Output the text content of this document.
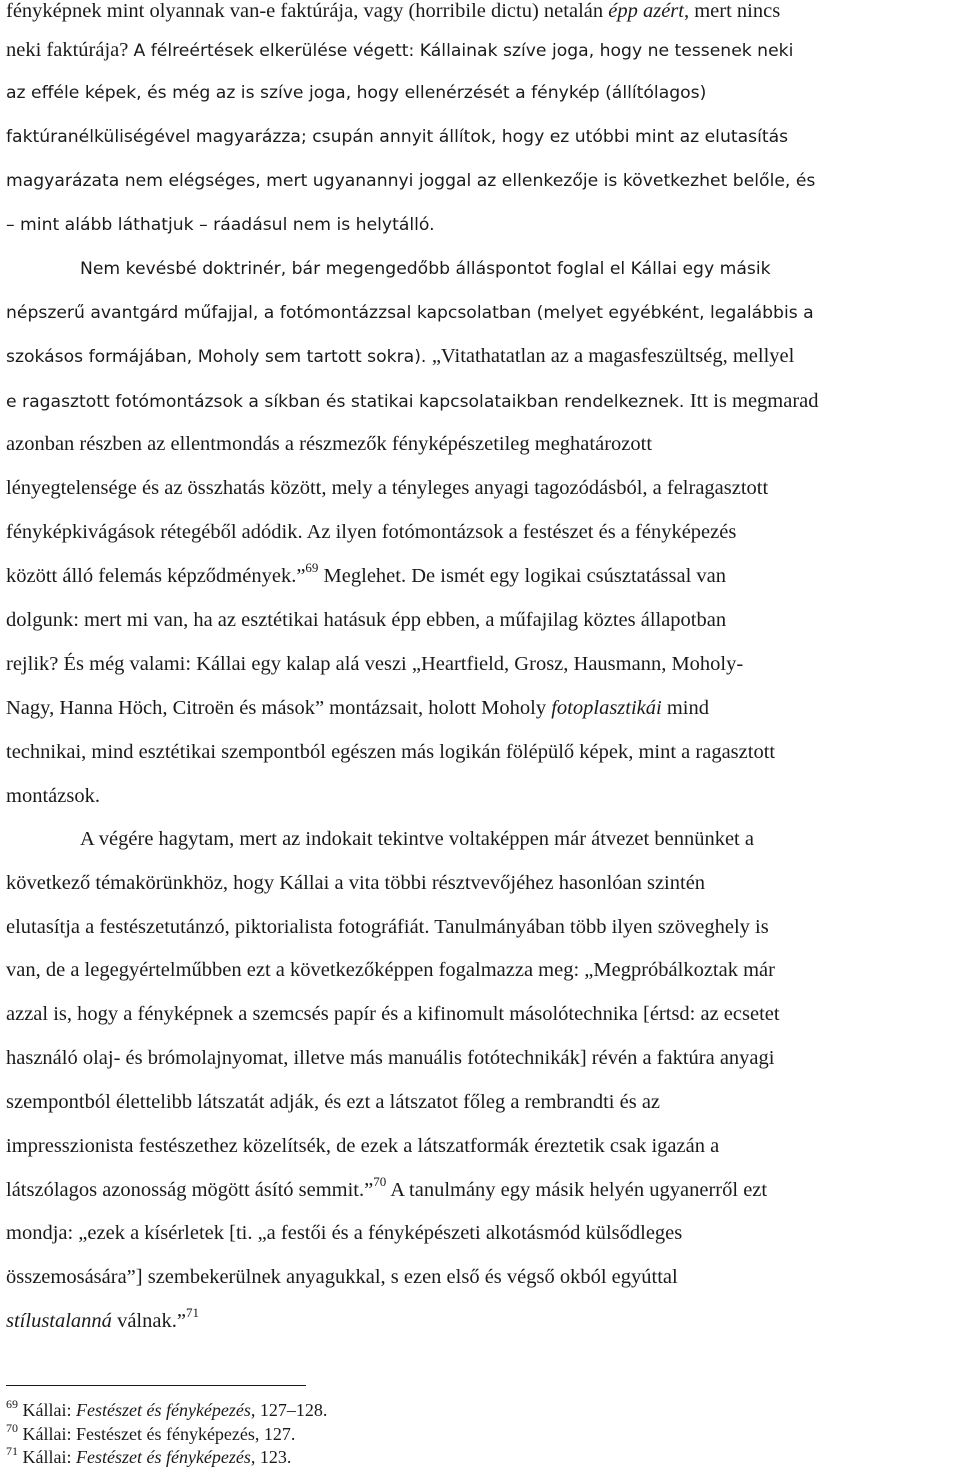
fényképnek mint olyannak van-e faktúrája, vagy (horribile dictu) netalán épp azért, mert nincs
neki faktúrája? A félreértések elkerülése végett: Kállainak szíve joga, hogy ne tessenek neki
az efféle képek, és még az is szíve joga, hogy ellenérzését a fénykép (állítólagos)
faktúranélküliségével magyarázza; csupán annyit állítok, hogy ez utóbbi mint az elutasítás
magyarázata nem elégséges, mert ugyanannyi joggal az ellenkezője is következhet belőle, és
– mint alább láthatjuk – ráadásul nem is helytálló.
Nem kevésbé doktrinér, bár megengedőbb álláspontot foglal el Kállai egy másik
népszerű avantgárd műfajjal, a fotómontázzsal kapcsolatban (melyet egyébként, legalábbis a
szokásos formájában, Moholy sem tartott sokra). „Vitathatatlan az a magasfeszültség, mellyel
e ragasztott fotómontázsok a síkban és statikai kapcsolataikban rendelkeznek. Itt is megmarad
azonban részben az ellentmondás a részmezők fényképészetileg meghatározott
lényegtelensége és az összhatás között, mely a tényleges anyagi tagozódásból, a felragasztott
fényképkivágások rétegéből adódik. Az ilyen fotómontázsok a festészet és a fényképezés
között álló felemás képződmények.”$^{69}$ Meglehet. De ismét egy logikai csúsztatással van
dolgunk: mert mi van, ha az esztétikai hatásuk épp ebben, a műfajilag köztes állapotban
rejlik? És még valami: Kállai egy kalap alá veszi „Heartfield, Grosz, Hausmann, Moholy-
Nagy, Hanna Höch, Citroën és mások” montázsait, holott Moholy fotoplasztikái mind
technikai, mind esztétikai szempontból egészen más logikán fölépülő képek, mint a ragasztott
montázsok.
A végére hagytam, mert az indokait tekintve voltaképpen már átvezet bennünket a
következő témakörünkhöz, hogy Kállai a vita többi résztvevőjéhez hasonlóan szintén
elutasítja a festészetutánzó, piktorialista fotográfiát. Tanulmányában több ilyen szöveghely is
van, de a legegyértelműbben ezt a következőképpen fogalmazza meg: „Megpróbálkoztak már
azzal is, hogy a fényképnek a szemcsés papír és a kifinomult másolótechnika [értsd: az ecsetet
használó olaj- és brómolajnyomat, illetve más manuális fotótechnikák] révén a faktúra anyagi
szempontból élettelibb látszatát adják, és ezt a látszatot főleg a rembrandti és az
impresszionista festészethez közelítsék, de ezek a látszatformák éreztetik csak igazán a
látszólagos azonosság mögött ásító semmit.”$^{70}$ A tanulmány egy másik helyén ugyanerről ezt
mondja: „ezek a kísérletek [ti. „a festői és a fényképészeti alkotásmód külsődleges
összemosására”] szembekerülnek anyagukkal, s ezen első és végső okból egyúttal
stílustalanná válnak.”$^{71}$
$^{69}$ Kállai: Festészet és fényképezés, 127–128.
$^{70}$ Kállai: Festészet és fényképezés, 127.
$^{71}$ Kállai: Festészet és fényképezés, 123.
